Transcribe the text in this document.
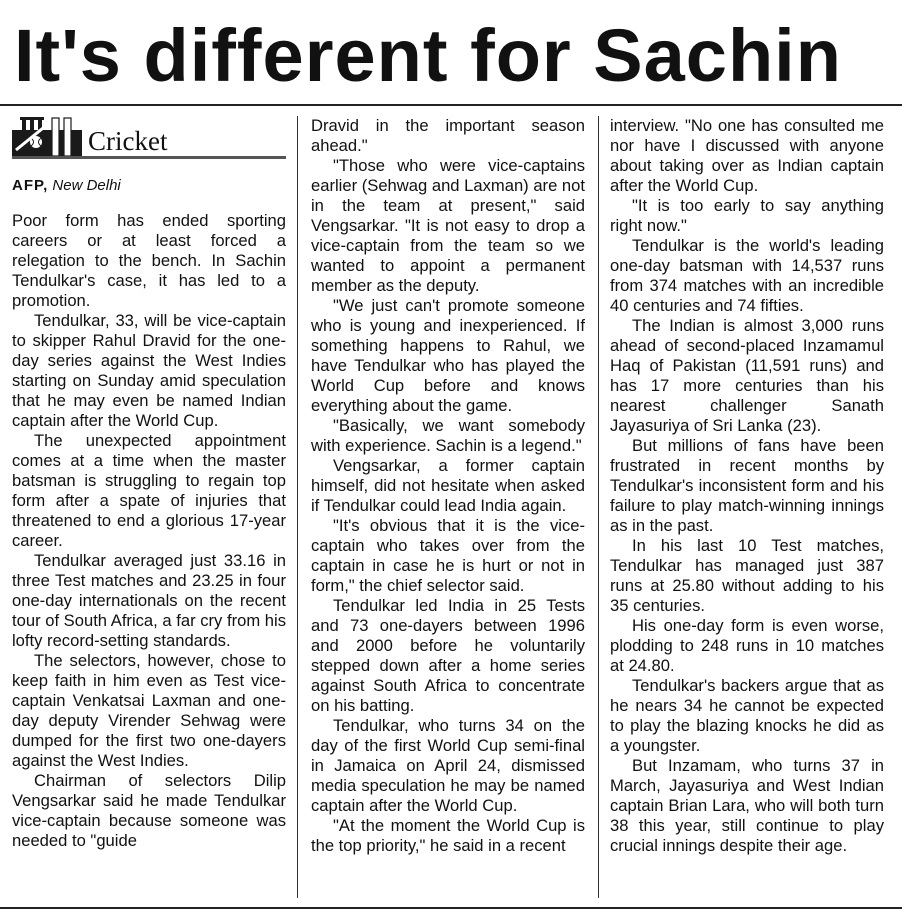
It's different for Sachin
Cricket
AFP, New Delhi

Poor form has ended sporting careers or at least forced a relegation to the bench. In Sachin Tendulkar's case, it has led to a promotion.

Tendulkar, 33, will be vice-captain to skipper Rahul Dravid for the one-day series against the West Indies starting on Sunday amid speculation that he may even be named Indian captain after the World Cup.

The unexpected appointment comes at a time when the master batsman is struggling to regain top form after a spate of injuries that threatened to end a glorious 17-year career.

Tendulkar averaged just 33.16 in three Test matches and 23.25 in four one-day internationals on the recent tour of South Africa, a far cry from his lofty record-setting standards.

The selectors, however, chose to keep faith in him even as Test vice-captain Venkatsai Laxman and one-day deputy Virender Sehwag were dumped for the first two one-dayers against the West Indies.

Chairman of selectors Dilip Vengsarkar said he made Tendulkar vice-captain because someone was needed to "guide

Dravid in the important season ahead."

"Those who were vice-captains earlier (Sehwag and Laxman) are not in the team at present," said Vengsarkar. "It is not easy to drop a vice-captain from the team so we wanted to appoint a permanent member as the deputy.

"We just can't promote someone who is young and inexperienced. If something happens to Rahul, we have Tendulkar who has played the World Cup before and knows everything about the game.

"Basically, we want somebody with experience. Sachin is a legend."

Vengsarkar, a former captain himself, did not hesitate when asked if Tendulkar could lead India again.

"It's obvious that it is the vice-captain who takes over from the captain in case he is hurt or not in form," the chief selector said.

Tendulkar led India in 25 Tests and 73 one-dayers between 1996 and 2000 before he voluntarily stepped down after a home series against South Africa to concentrate on his batting.

Tendulkar, who turns 34 on the day of the first World Cup semi-final in Jamaica on April 24, dismissed media speculation he may be named captain after the World Cup.

"At the moment the World Cup is the top priority," he said in a recent

interview. "No one has consulted me nor have I discussed with anyone about taking over as Indian captain after the World Cup.

"It is too early to say anything right now."

Tendulkar is the world's leading one-day batsman with 14,537 runs from 374 matches with an incredible 40 centuries and 74 fifties.

The Indian is almost 3,000 runs ahead of second-placed Inzamamul Haq of Pakistan (11,591 runs) and has 17 more centuries than his nearest challenger Sanath Jayasuriya of Sri Lanka (23).

But millions of fans have been frustrated in recent months by Tendulkar's inconsistent form and his failure to play match-winning innings as in the past.

In his last 10 Test matches, Tendulkar has managed just 387 runs at 25.80 without adding to his 35 centuries.

His one-day form is even worse, plodding to 248 runs in 10 matches at 24.80.

Tendulkar's backers argue that as he nears 34 he cannot be expected to play the blazing knocks he did as a youngster.

But Inzamam, who turns 37 in March, Jayasuriya and West Indian captain Brian Lara, who will both turn 38 this year, still continue to play crucial innings despite their age.
